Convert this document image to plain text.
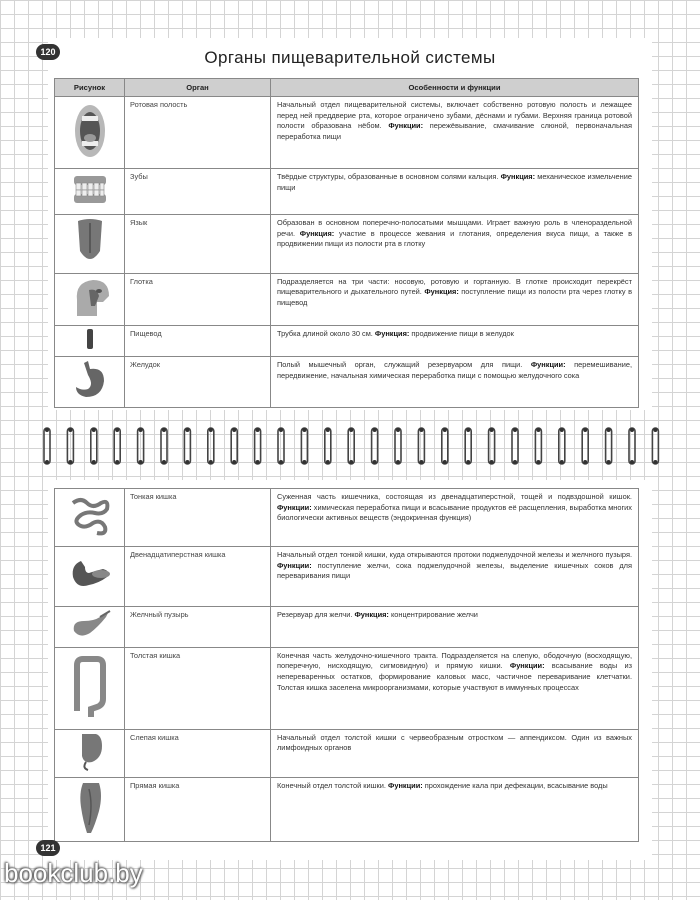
120	Органы пищеварительной системы
Рисунок	Орган	Особенности и функции
	Ротовая полость	Начальный отдел пищеварительной системы, включает собственно ротовую полость и лежащее перед ней преддверие рта, которое ограничено зубами, дёснами и губами. Верхняя граница ротовой полости образована нёбом. Функции: пережёвывание, смачивание слюной, первоначальная переработка пищи
	Зубы	Твёрдые структуры, образованные в основном солями кальция. Функция: механическое измельчение пищи
	Язык	Образован в основном поперечно-полосатыми мышцами. Играет важную роль в членораздельной речи. Функция: участие в процессе жевания и глотания, определения вкуса пищи, а также в продвижении пищи из полости рта в глотку
	Глотка	Подразделяется на три части: носовую, ротовую и гортанную. В глотке происходит перекрёст пищеварительного и дыхательного путей. Функция: поступление пищи из полости рта через глотку в пищевод
	Пищевод	Трубка длиной около 30 см. Функция: продвижение пищи в желудок
	Желудок	Полый мышечный орган, служащий резервуаром для пищи. Функции: перемешивание, передвижение, начальная химическая переработка пищи с помощью желудочного сока
	Тонкая кишка	Суженная часть кишечника, состоящая из двенадцатиперстной, тощей и подвздошной кишок. Функции: химическая переработка пищи и всасывание продуктов её расщепления, выработка многих биологически активных веществ (эндокринная функция)
	Двенадцатиперстная кишка	Начальный отдел тонкой кишки, куда открываются протоки поджелудочной железы и желчного пузыря. Функции: поступление желчи, сока поджелудочной железы, выделение кишечных соков для переваривания пищи
	Желчный пузырь	Резервуар для желчи. Функция: концентрирование желчи
	Толстая кишка	Конечная часть желудочно-кишечного тракта. Подразделяется на слепую, ободочную (восходящую, поперечную, нисходящую, сигмовидную) и прямую кишки. Функции: всасывание воды из непереваренных остатков, формирование каловых масс, частичное переваривание клетчатки. Толстая кишка заселена микроорганизмами, которые участвуют в иммунных процессах
	Слепая кишка	Начальный отдел толстой кишки с червеобразным отростком — аппендиксом. Один из важных лимфоидных органов
	Прямая кишка	Конечный отдел толстой кишки. Функции: прохождение кала при дефекации, всасывание воды
121
bookclub.by
